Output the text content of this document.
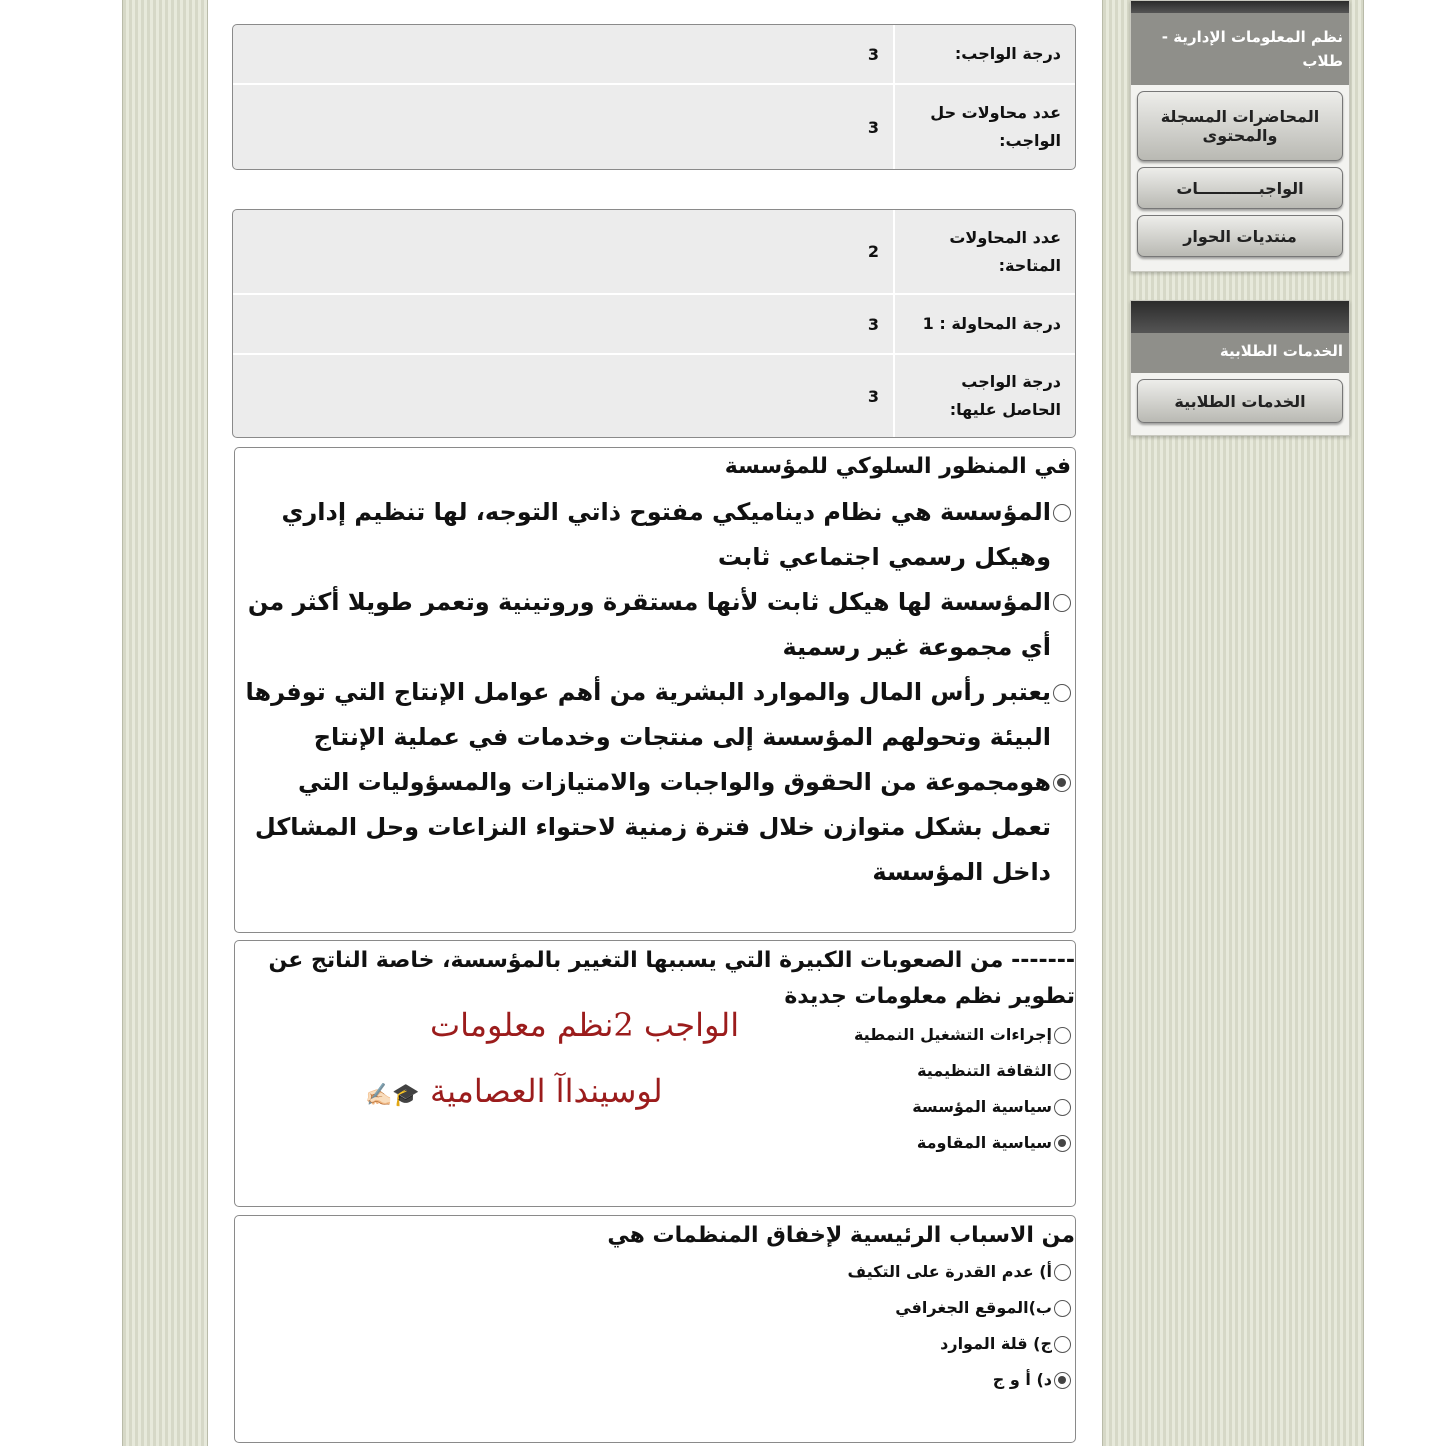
درجة الواجب:
3
عدد محاولات حل الواجب:
3
عدد المحاولات المتاحة:
2
درجة المحاولة : 1
3
درجة الواجب الحاصل عليها:
3
في المنظور السلوكي للمؤسسة
المؤسسة هي نظام ديناميكي مفتوح ذاتي التوجه، لها تنظيم إداري وهيكل رسمي اجتماعي ثابت
المؤسسة لها هيكل ثابت لأنها مستقرة وروتينية وتعمر طويلا أكثر من أي مجموعة غير رسمية
يعتبر رأس المال والموارد البشرية من أهم عوامل الإنتاج التي توفرها البيئة وتحولهم المؤسسة إلى منتجات وخدمات في عملية الإنتاج
هومجموعة من الحقوق والواجبات والامتيازات والمسؤوليات التي تعمل بشكل متوازن خلال فترة زمنية لاحتواء النزاعات وحل المشاكل داخل المؤسسة
------- من الصعوبات الكبيرة التي يسببها التغيير بالمؤسسة، خاصة الناتج عن تطوير نظم معلومات جديدة
إجراءات التشغيل النمطية
الثقافة التنظيمية
سياسية المؤسسة
سياسية المقاومة
الواجب 2نظم معلومات
لوسينداآ العصامية 🎓✍🏻
من الاسباب الرئيسية لإخفاق المنظمات هي
أ) عدم القدرة على التكيف
ب)الموقع الجغرافي
ج) قلة الموارد
د) أ و ج
نظم المعلومات الإدارية - طلاب
المحاضرات المسجلة والمحتوى
الواجبـــــــــــات
منتديات الحوار
الخدمات الطلابية
الخدمات الطلابية
